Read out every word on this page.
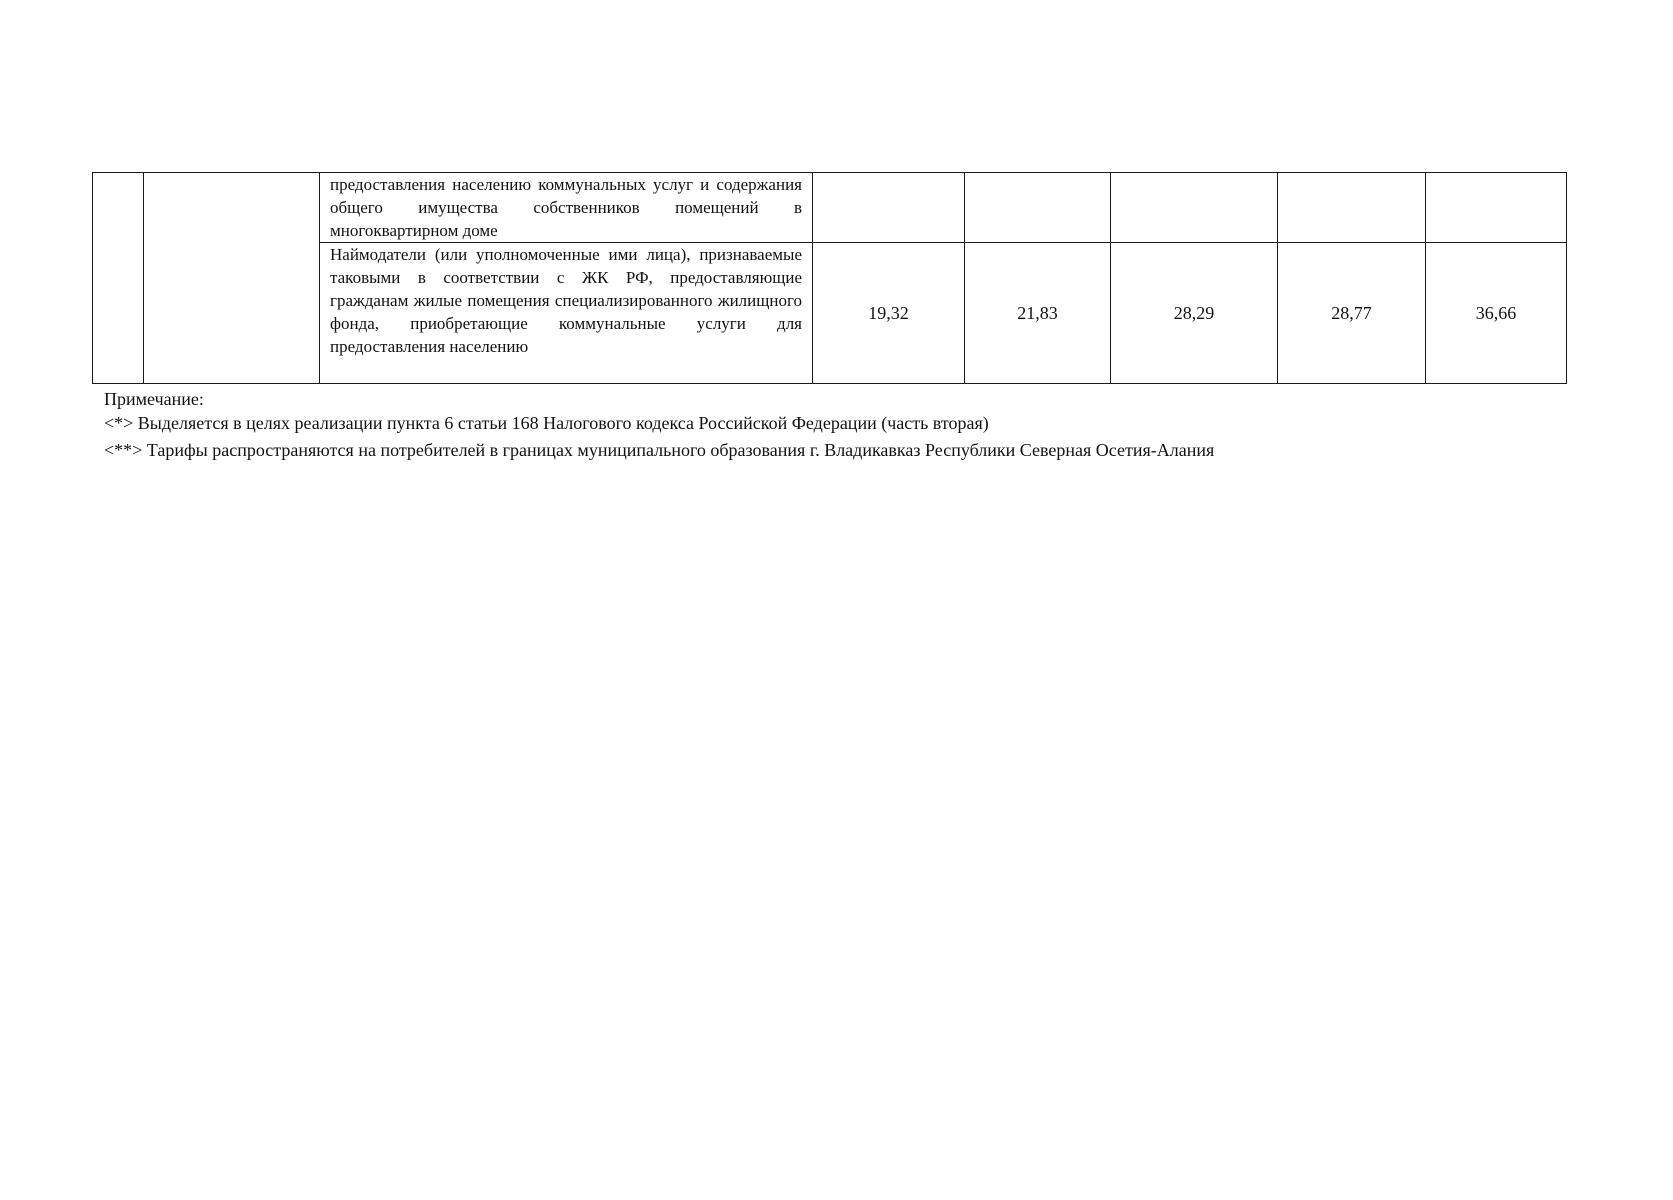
		предоставления населению коммунальных услуг и содержания общего имущества собственников помещений в многоквартирном доме					
		Наймодатели (или уполномоченные ими лица), признаваемые таковыми в соответствии с ЖК РФ, предоставляющие гражданам жилые помещения специализированного жилищного фонда, приобретающие коммунальные услуги для предоставления населению	19,32	21,83	28,29	28,77	36,66
Примечание:
<*> Выделяется в целях реализации пункта 6 статьи 168 Налогового кодекса Российской Федерации (часть вторая)
<**> Тарифы распространяются на потребителей в границах муниципального образования г. Владикавказ Республики Северная Осетия-Алания
